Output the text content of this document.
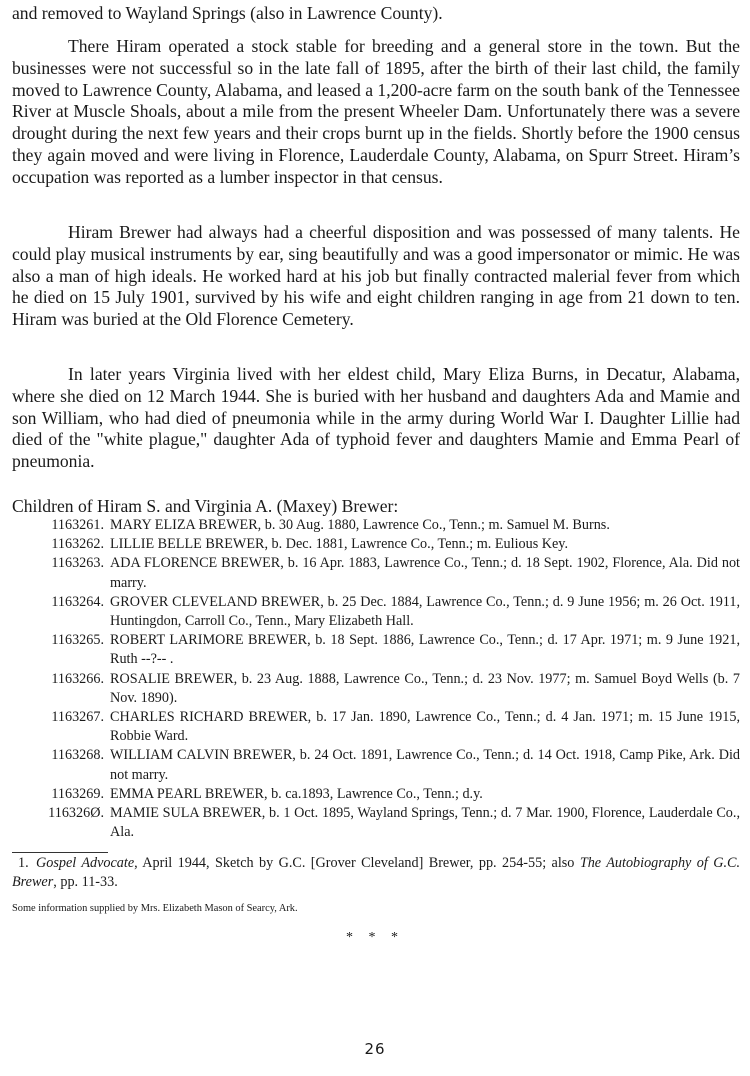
and removed to Wayland Springs (also in Lawrence County).

There Hiram operated a stock stable for breeding and a general store in the town. But the businesses were not successful so in the late fall of 1895, after the birth of their last child, the family moved to Lawrence County, Alabama, and leased a 1,200-acre farm on the south bank of the Tennessee River at Muscle Shoals, about a mile from the present Wheeler Dam. Unfortunately there was a severe drought during the next few years and their crops burnt up in the fields. Shortly before the 1900 census they again moved and were living in Florence, Lauderdale County, Alabama, on Spurr Street. Hiram’s occupation was reported as a lumber inspector in that census.

Hiram Brewer had always had a cheerful disposition and was possessed of many talents. He could play musical instruments by ear, sing beautifully and was a good impersonator or mimic. He was also a man of high ideals. He worked hard at his job but finally contracted malerial fever from which he died on 15 July 1901, survived by his wife and eight children ranging in age from 21 down to ten. Hiram was buried at the Old Florence Cemetery.

In later years Virginia lived with her eldest child, Mary Eliza Burns, in Decatur, Alabama, where she died on 12 March 1944. She is buried with her husband and daughters Ada and Mamie and son William, who had died of pneumonia while in the army during World War I. Daughter Lillie had died of the "white plague," daughter Ada of typhoid fever and daughters Mamie and Emma Pearl of pneumonia.

Children of Hiram S. and Virginia A. (Maxey) Brewer:

1163261. MARY ELIZA BREWER, b. 30 Aug. 1880, Lawrence Co., Tenn.; m. Samuel M. Burns.
1163262. LILLIE BELLE BREWER, b. Dec. 1881, Lawrence Co., Tenn.; m. Eulious Key.
1163263. ADA FLORENCE BREWER, b. 16 Apr. 1883, Lawrence Co., Tenn.; d. 18 Sept. 1902, Florence, Ala. Did not marry.
1163264. GROVER CLEVELAND BREWER, b. 25 Dec. 1884, Lawrence Co., Tenn.; d. 9 June 1956; m. 26 Oct. 1911, Huntingdon, Carroll Co., Tenn., Mary Elizabeth Hall.
1163265. ROBERT LARIMORE BREWER, b. 18 Sept. 1886, Lawrence Co., Tenn.; d. 17 Apr. 1971; m. 9 June 1921, Ruth --?-- .
1163266. ROSALIE BREWER, b. 23 Aug. 1888, Lawrence Co., Tenn.; d. 23 Nov. 1977; m. Samuel Boyd Wells (b. 7 Nov. 1890).
1163267. CHARLES RICHARD BREWER, b. 17 Jan. 1890, Lawrence Co., Tenn.; d. 4 Jan. 1971; m. 15 June 1915, Robbie Ward.
1163268. WILLIAM CALVIN BREWER, b. 24 Oct. 1891, Lawrence Co., Tenn.; d. 14 Oct. 1918, Camp Pike, Ark. Did not marry.
1163269. EMMA PEARL BREWER, b. ca.1893, Lawrence Co., Tenn.; d.y.
116326Ø. MAMIE SULA BREWER, b. 1 Oct. 1895, Wayland Springs, Tenn.; d. 7 Mar. 1900, Florence, Lauderdale Co., Ala.

1. Gospel Advocate, April 1944, Sketch by G.C. [Grover Cleveland] Brewer, pp. 254-55; also The Autobiography of G.C. Brewer, pp. 11-33.

Some information supplied by Mrs. Elizabeth Mason of Searcy, Ark.

* * *

26
